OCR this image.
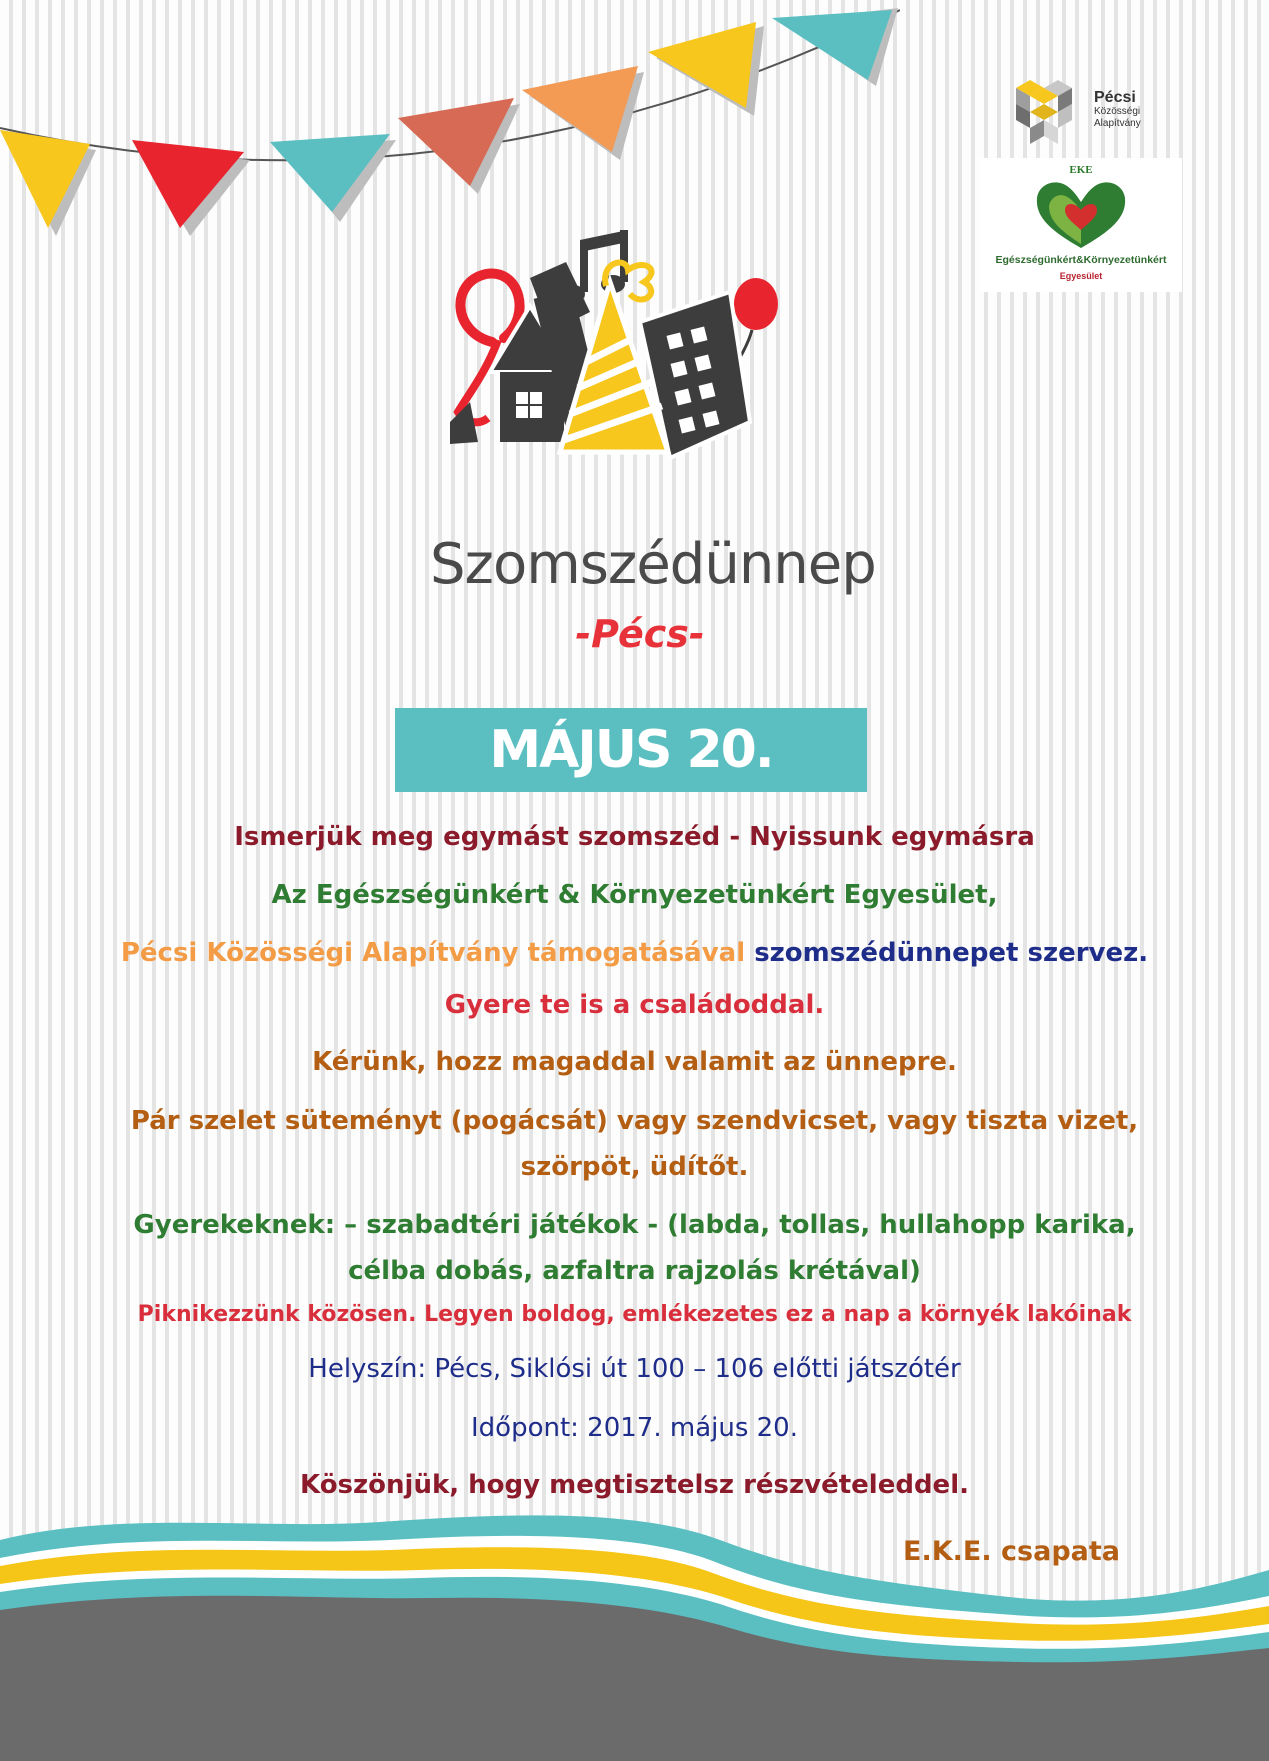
Pécsi
Közösségi
Alapítvány
EKE
Egészségünkért&Környezetünkért
Egyesület
Szomszédünnep
-Pécs-
MÁJUS 20.
Ismerjük meg egymást szomszéd - Nyissunk egymásra
Az Egészségünkért & Környezetünkért Egyesület,
Pécsi Közösségi Alapítvány támogatásával szomszédünnepet szervez.
Gyere te is a családoddal.
Kérünk, hozz magaddal valamit az ünnepre.
Pár szelet süteményt (pogácsát) vagy szendvicset, vagy tiszta vizet,
szörpöt, üdítőt.
Gyerekeknek: – szabadtéri játékok - (labda, tollas, hullahopp karika,
célba dobás, azfaltra rajzolás krétával)
Piknikezzünk közösen. Legyen boldog, emlékezetes ez a nap a környék lakóinak
Helyszín: Pécs, Siklósi út 100 – 106 előtti játszótér
Időpont: 2017. május 20.
Köszönjük, hogy megtisztelsz részvételeddel.
E.K.E. csapata
